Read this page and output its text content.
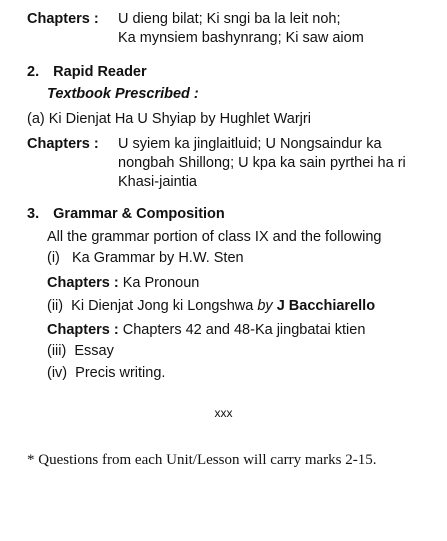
Chapters : U dieng bilat; Ki sngi ba la leit noh;
Ka mynsiem bashynrang; Ki saw aiom
2. Rapid Reader
Textbook Prescribed :
(a) Ki Dienjat Ha U Shyiap by Hughlet Warjri
Chapters : U syiem ka jinglaitluid; U Nongsaindur ka
nongbah Shillong; U kpa ka sain pyrthei ha ri
Khasi-jaintia
3. Grammar & Composition
All the grammar portion of class IX and the following
(i)   Ka Grammar by H.W. Sten
Chapters : Ka Pronoun
(ii)  Ki Dienjat Jong ki Longshwa by J Bacchiarello
Chapters : Chapters 42 and 48-Ka jingbatai ktien
(iii)  Essay
(iv)  Precis writing.
xxx
* Questions from each Unit/Lesson will carry marks 2-15.
